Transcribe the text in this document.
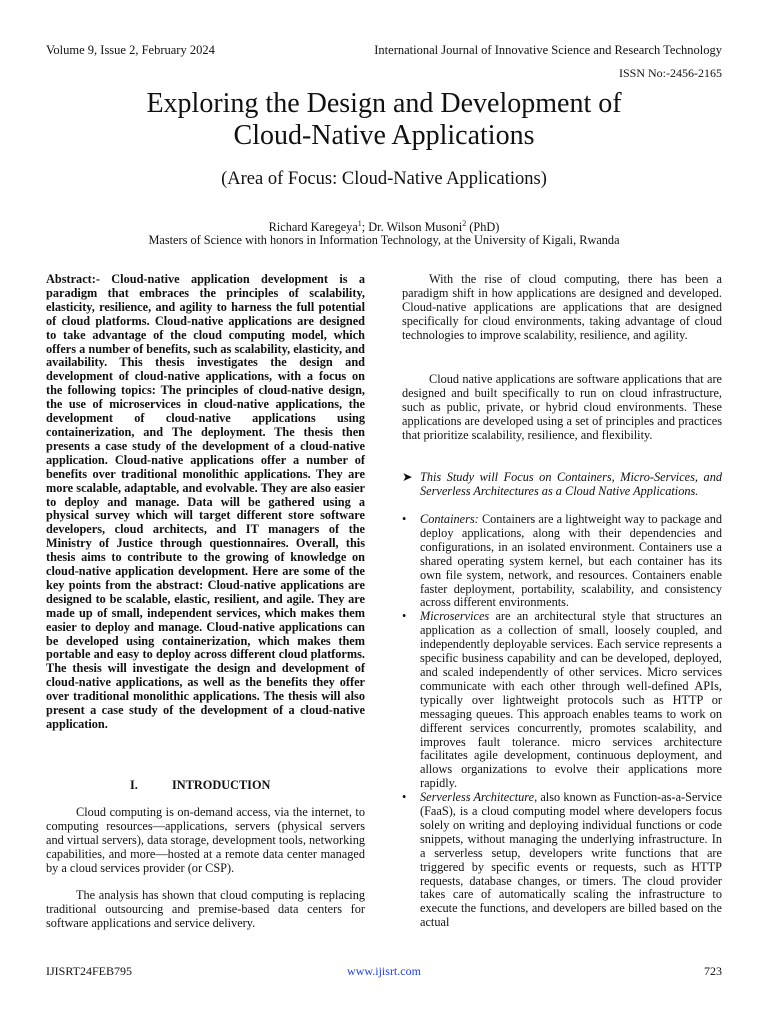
Volume 9, Issue 2, February 2024	International Journal of Innovative Science and Research Technology
ISSN No:-2456-2165
Exploring the Design and Development of
Cloud-Native Applications
(Area of Focus: Cloud-Native Applications)
Richard Karegeya$^1$; Dr. Wilson Musoni$^2$ (PhD)
Masters of Science with honors in Information Technology, at the University of Kigali, Rwanda
Abstract:- Cloud-native application development is a paradigm that embraces the principles of scalability, elasticity, resilience, and agility to harness the full potential of cloud platforms. Cloud-native applications are designed to take advantage of the cloud computing model, which offers a number of benefits, such as scalability, elasticity, and availability. This thesis investigates the design and development of cloud-native applications, with a focus on the following topics: The principles of cloud-native design, the use of microservices in cloud-native applications, the development of cloud-native applications using containerization, and The deployment. The thesis then presents a case study of the development of a cloud-native application. Cloud-native applications offer a number of benefits over traditional monolithic applications. They are more scalable, adaptable, and evolvable. They are also easier to deploy and manage. Data will be gathered using a physical survey which will target different store software developers, cloud architects, and IT managers of the Ministry of Justice through questionnaires. Overall, this thesis aims to contribute to the growing of knowledge on cloud-native application development. Here are some of the key points from the abstract: Cloud-native applications are designed to be scalable, elastic, resilient, and agile. They are made up of small, independent services, which makes them easier to deploy and manage. Cloud-native applications can be developed using containerization, which makes them portable and easy to deploy across different cloud platforms. The thesis will investigate the design and development of cloud-native applications, as well as the benefits they offer over traditional monolithic applications. The thesis will also present a case study of the development of a cloud-native application.
I.	INTRODUCTION
Cloud computing is on-demand access, via the internet, to computing resources—applications, servers (physical servers and virtual servers), data storage, development tools, networking capabilities, and more—hosted at a remote data center managed by a cloud services provider (or CSP).
The analysis has shown that cloud computing is replacing traditional outsourcing and premise-based data centers for software applications and service delivery.
With the rise of cloud computing, there has been a paradigm shift in how applications are designed and developed. Cloud-native applications are applications that are designed specifically for cloud environments, taking advantage of cloud technologies to improve scalability, resilience, and agility.
Cloud native applications are software applications that are designed and built specifically to run on cloud infrastructure, such as public, private, or hybrid cloud environments. These applications are developed using a set of principles and practices that prioritize scalability, resilience, and flexibility.
➤ This Study will Focus on Containers, Micro-Services, and Serverless Architectures as a Cloud Native Applications.
• Containers: Containers are a lightweight way to package and deploy applications, along with their dependencies and configurations, in an isolated environment. Containers use a shared operating system kernel, but each container has its own file system, network, and resources. Containers enable faster deployment, portability, scalability, and consistency across different environments.
• Microservices are an architectural style that structures an application as a collection of small, loosely coupled, and independently deployable services. Each service represents a specific business capability and can be developed, deployed, and scaled independently of other services. Micro services communicate with each other through well-defined APIs, typically over lightweight protocols such as HTTP or messaging queues. This approach enables teams to work on different services concurrently, promotes scalability, and improves fault tolerance. micro services architecture facilitates agile development, continuous deployment, and allows organizations to evolve their applications more rapidly.
• Serverless Architecture, also known as Function-as-a-Service (FaaS), is a cloud computing model where developers focus solely on writing and deploying individual functions or code snippets, without managing the underlying infrastructure. In a serverless setup, developers write functions that are triggered by specific events or requests, such as HTTP requests, database changes, or timers. The cloud provider takes care of automatically scaling the infrastructure to execute the functions, and developers are billed based on the actual
IJISRT24FEB795	www.ijisrt.com	723
